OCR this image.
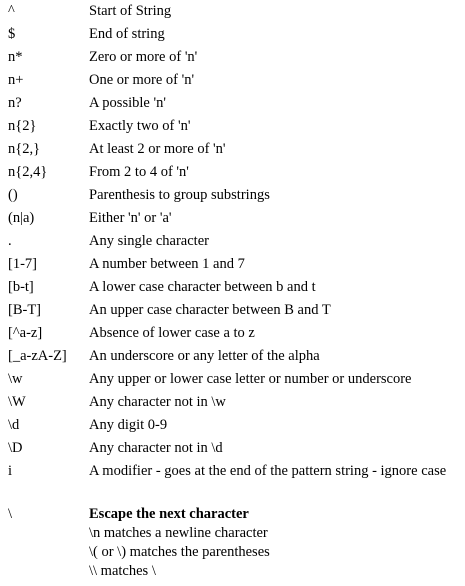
^	Start of String
$	End of string
n*	Zero or more of 'n'
n+	One or more of 'n'
n?	A possible 'n'
n{2}	Exactly two of 'n'
n{2,}	At least 2 or more of 'n'
n{2,4}	From 2 to 4 of 'n'
()	Parenthesis to group substrings
(n|a)	Either 'n' or 'a'
.	Any single character
[1-7]	A number between 1 and 7
[b-t]	A lower case character between b and t
[B-T]	An upper case character between B and T
[^a-z]	Absence of lower case a to z
[_a-zA-Z] An underscore or any letter of the alpha
\w	Any upper or lower case letter or number or underscore
\W	Any character not in \w
\d	Any digit 0-9
\D	Any character not in \d
i	A modifier - goes at the end of the pattern string - ignore case
\	Escape the next character
\n matches a newline character
\( or \) matches the parentheses
\\ matches \
